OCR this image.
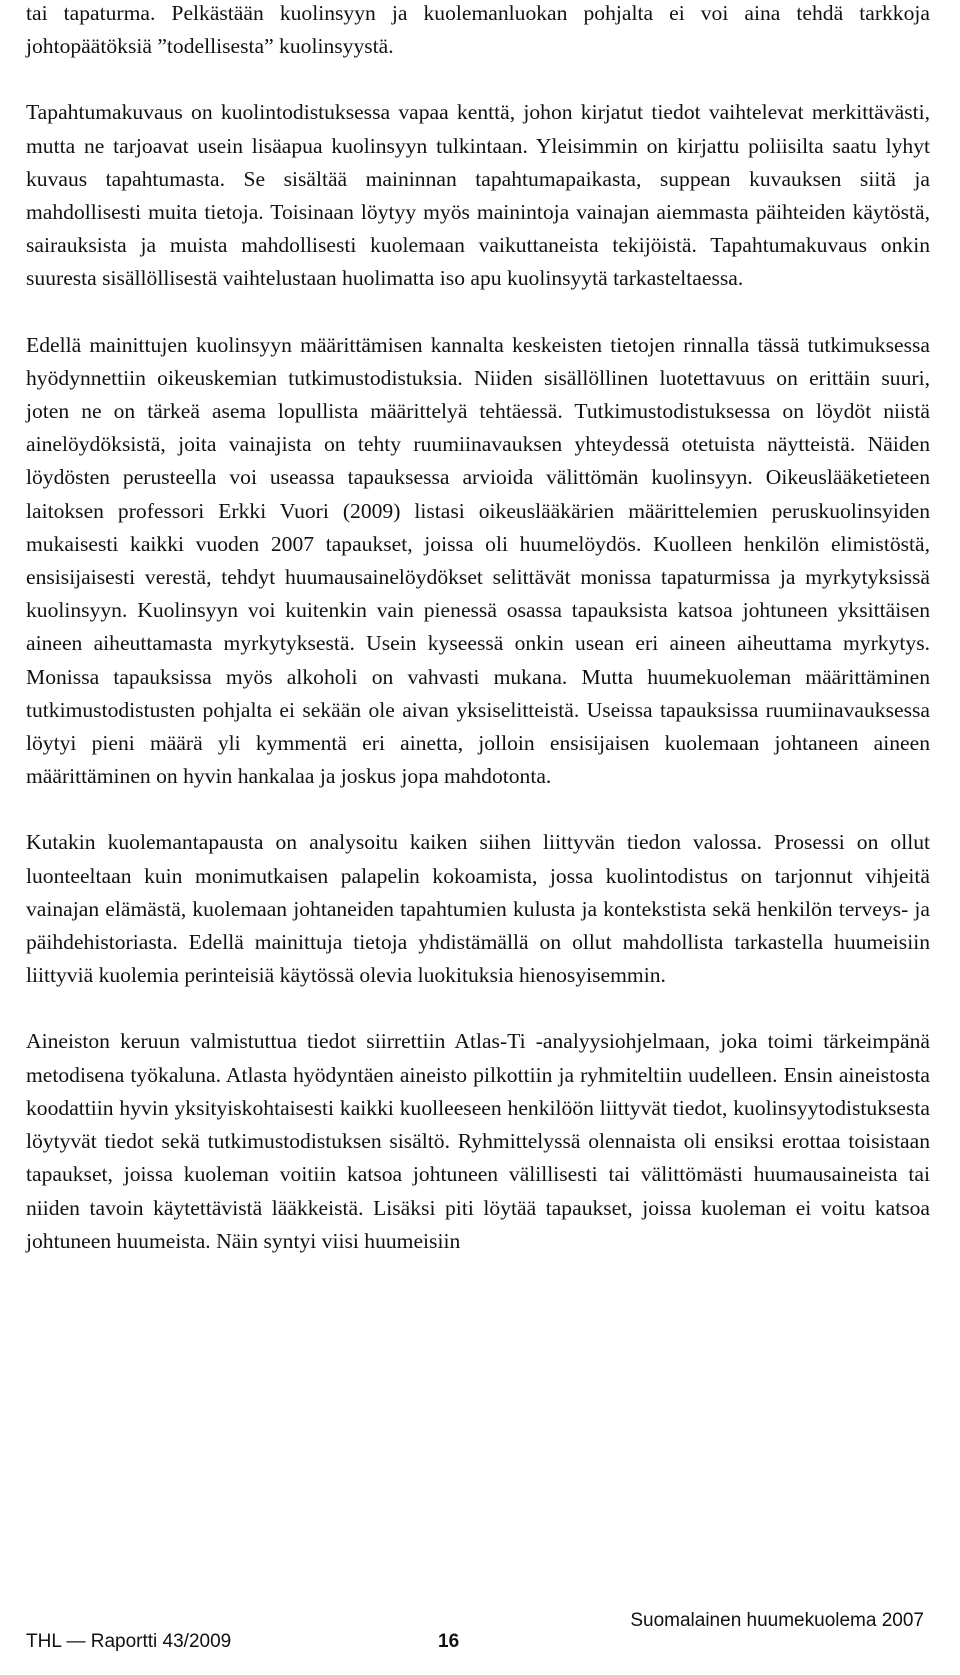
tai tapaturma. Pelkästään kuolinsyyn ja kuolemanluokan pohjalta ei voi aina tehdä tarkkoja johtopäätöksiä ”todellisesta” kuolinsyystä.

Tapahtumakuvaus on kuolintodistuksessa vapaa kenttä, johon kirjatut tiedot vaihtelevat merkittävästi, mutta ne tarjoavat usein lisäapua kuolinsyyn tulkintaan. Yleisimmin on kirjattu poliisilta saatu lyhyt kuvaus tapahtumasta. Se sisältää maininnan tapahtumapaikasta, suppean kuvauksen siitä ja mahdollisesti muita tietoja. Toisinaan löytyy myös mainintoja vainajan aiemmasta päihteiden käytöstä, sairauksista ja muista mahdollisesti kuolemaan vaikuttaneista tekijöistä. Tapahtumakuvaus onkin suuresta sisällöllisestä vaihtelustaan huolimatta iso apu kuolinsyytä tarkasteltaessa.

Edellä mainittujen kuolinsyyn määrittämisen kannalta keskeisten tietojen rinnalla tässä tutkimuksessa hyödynnettiin oikeuskemian tutkimustodistuksia. Niiden sisällöllinen luotettavuus on erittäin suuri, joten ne on tärkeä asema lopullista määrittelyä tehtäessä. Tutkimustodistuksessa on löydöt niistä ainelöydöksistä, joita vainajista on tehty ruumiinavauksen yhteydessä otetuista näytteistä. Näiden löydösten perusteella voi useassa tapauksessa arvioida välittömän kuolinsyyn. Oikeuslääketieteen laitoksen professori Erkki Vuori (2009) listasi oikeuslääkärien määrittelemien peruskuolinsyiden mukaisesti kaikki vuoden 2007 tapaukset, joissa oli huumelöydös. Kuolleen henkilön elimistöstä, ensisijaisesti verestä, tehdyt huumausainelöydökset selittävät monissa tapaturmissa ja myrkytyksissä kuolinsyyn. Kuolinsyyn voi kuitenkin vain pienessä osassa tapauksista katsoa johtuneen yksittäisen aineen aiheuttamasta myrkytyksestä. Usein kyseessä onkin usean eri aineen aiheuttama myrkytys. Monissa tapauksissa myös alkoholi on vahvasti mukana. Mutta huumekuoleman määrittäminen tutkimustodistusten pohjalta ei sekään ole aivan yksiselitteistä. Useissa tapauksissa ruumiinavauksessa löytyi pieni määrä yli kymmentä eri ainetta, jolloin ensisijaisen kuolemaan johtaneen aineen määrittäminen on hyvin hankalaa ja joskus jopa mahdotonta.

Kutakin kuolemantapausta on analysoitu kaiken siihen liittyvän tiedon valossa. Prosessi on ollut luonteeltaan kuin monimutkaisen palapelin kokoamista, jossa kuolintodistus on tarjonnut vihjeitä vainajan elämästä, kuolemaan johtaneiden tapahtumien kulusta ja kontekstista sekä henkilön terveys- ja päihdehistoriasta. Edellä mainittuja tietoja yhdistämällä on ollut mahdollista tarkastella huumeisiin liittyviä kuolemia perinteisiä käytössä olevia luokituksia hienosyisemmin.

Aineiston keruun valmistuttua tiedot siirrettiin Atlas-Ti -analyysiohjelmaan, joka toimi tärkeimpänä metodisena työkaluna. Atlasta hyödyntäen aineisto pilkottiin ja ryhmiteltiin uudelleen. Ensin aineistosta koodattiin hyvin yksityiskohtaisesti kaikki kuolleeseen henkilöön liittyvät tiedot, kuolinsyytodistuksesta löytyvät tiedot sekä tutkimustodistuksen sisältö. Ryhmittelyssä olennaista oli ensiksi erottaa toisistaan tapaukset, joissa kuoleman voitiin katsoa johtuneen välillisesti tai välittömästi huumausaineista tai niiden tavoin käytettävistä lääkkeistä. Lisäksi piti löytää tapaukset, joissa kuoleman ei voitu katsoa johtuneen huumeista. Näin syntyi viisi huumeisiin

THL — Raportti 43/2009	16
Suomalainen huumekuolema 2007
